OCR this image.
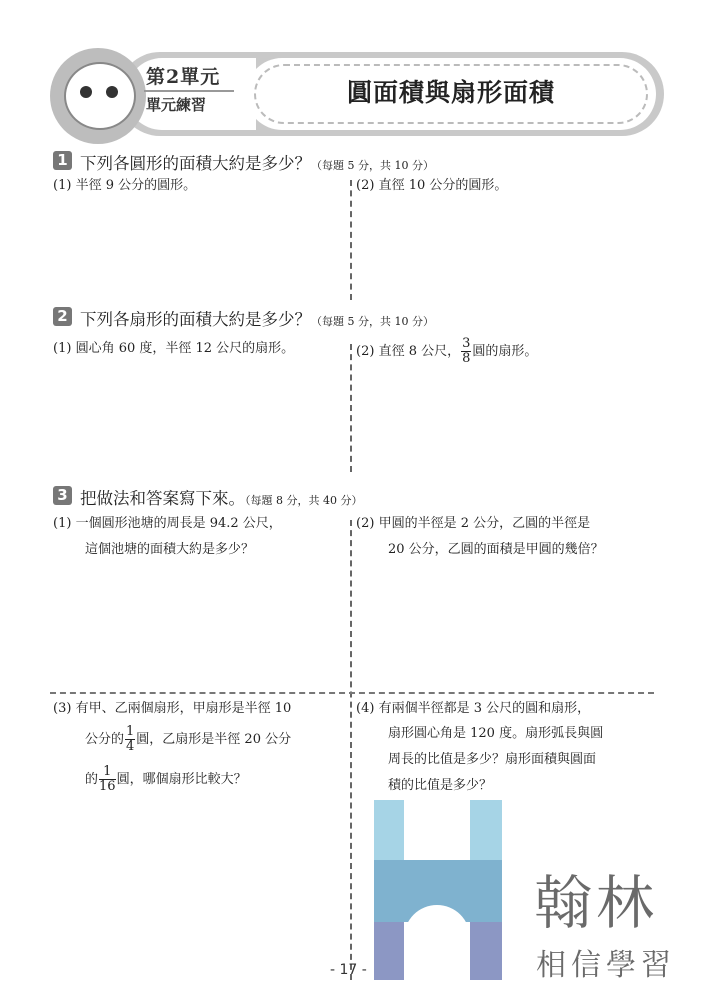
第2單元
單元練習	圓面積與扇形面積
1 下列各圓形的面積大約是多少？（每題 5 分，共 10 分）
(1) 半徑 9 公分的圓形。	(2) 直徑 10 公分的圓形。
2 下列各扇形的面積大約是多少？（每題 5 分，共 10 分）
(1) 圓心角 60 度，半徑 12 公尺的扇形。	(2) 直徑 8 公尺， $\frac{3}{8}$ 圓的扇形。
3 把做法和答案寫下來。（每題 8 分，共 40 分）
(1) 一個圓形池塘的周長是 94.2 公尺，
這個池塘的面積大約是多少？
(2) 甲圓的半徑是 2 公分，乙圓的半徑是
20 公分，乙圓的面積是甲圓的幾倍？
(3) 有甲、乙兩個扇形，甲扇形是半徑 10
公分的 $\frac{1}{4}$ 圓，乙扇形是半徑 20 公分
的 $\frac{1}{16}$ 圓，哪個扇形比較大？
(4) 有兩個半徑都是 3 公尺的圓和扇形，
扇形圓心角是 120 度。扇形弧長與圓
周長的比值是多少？扇形面積與圓面
積的比值是多少？
翰林
相信學習
- 17 -
